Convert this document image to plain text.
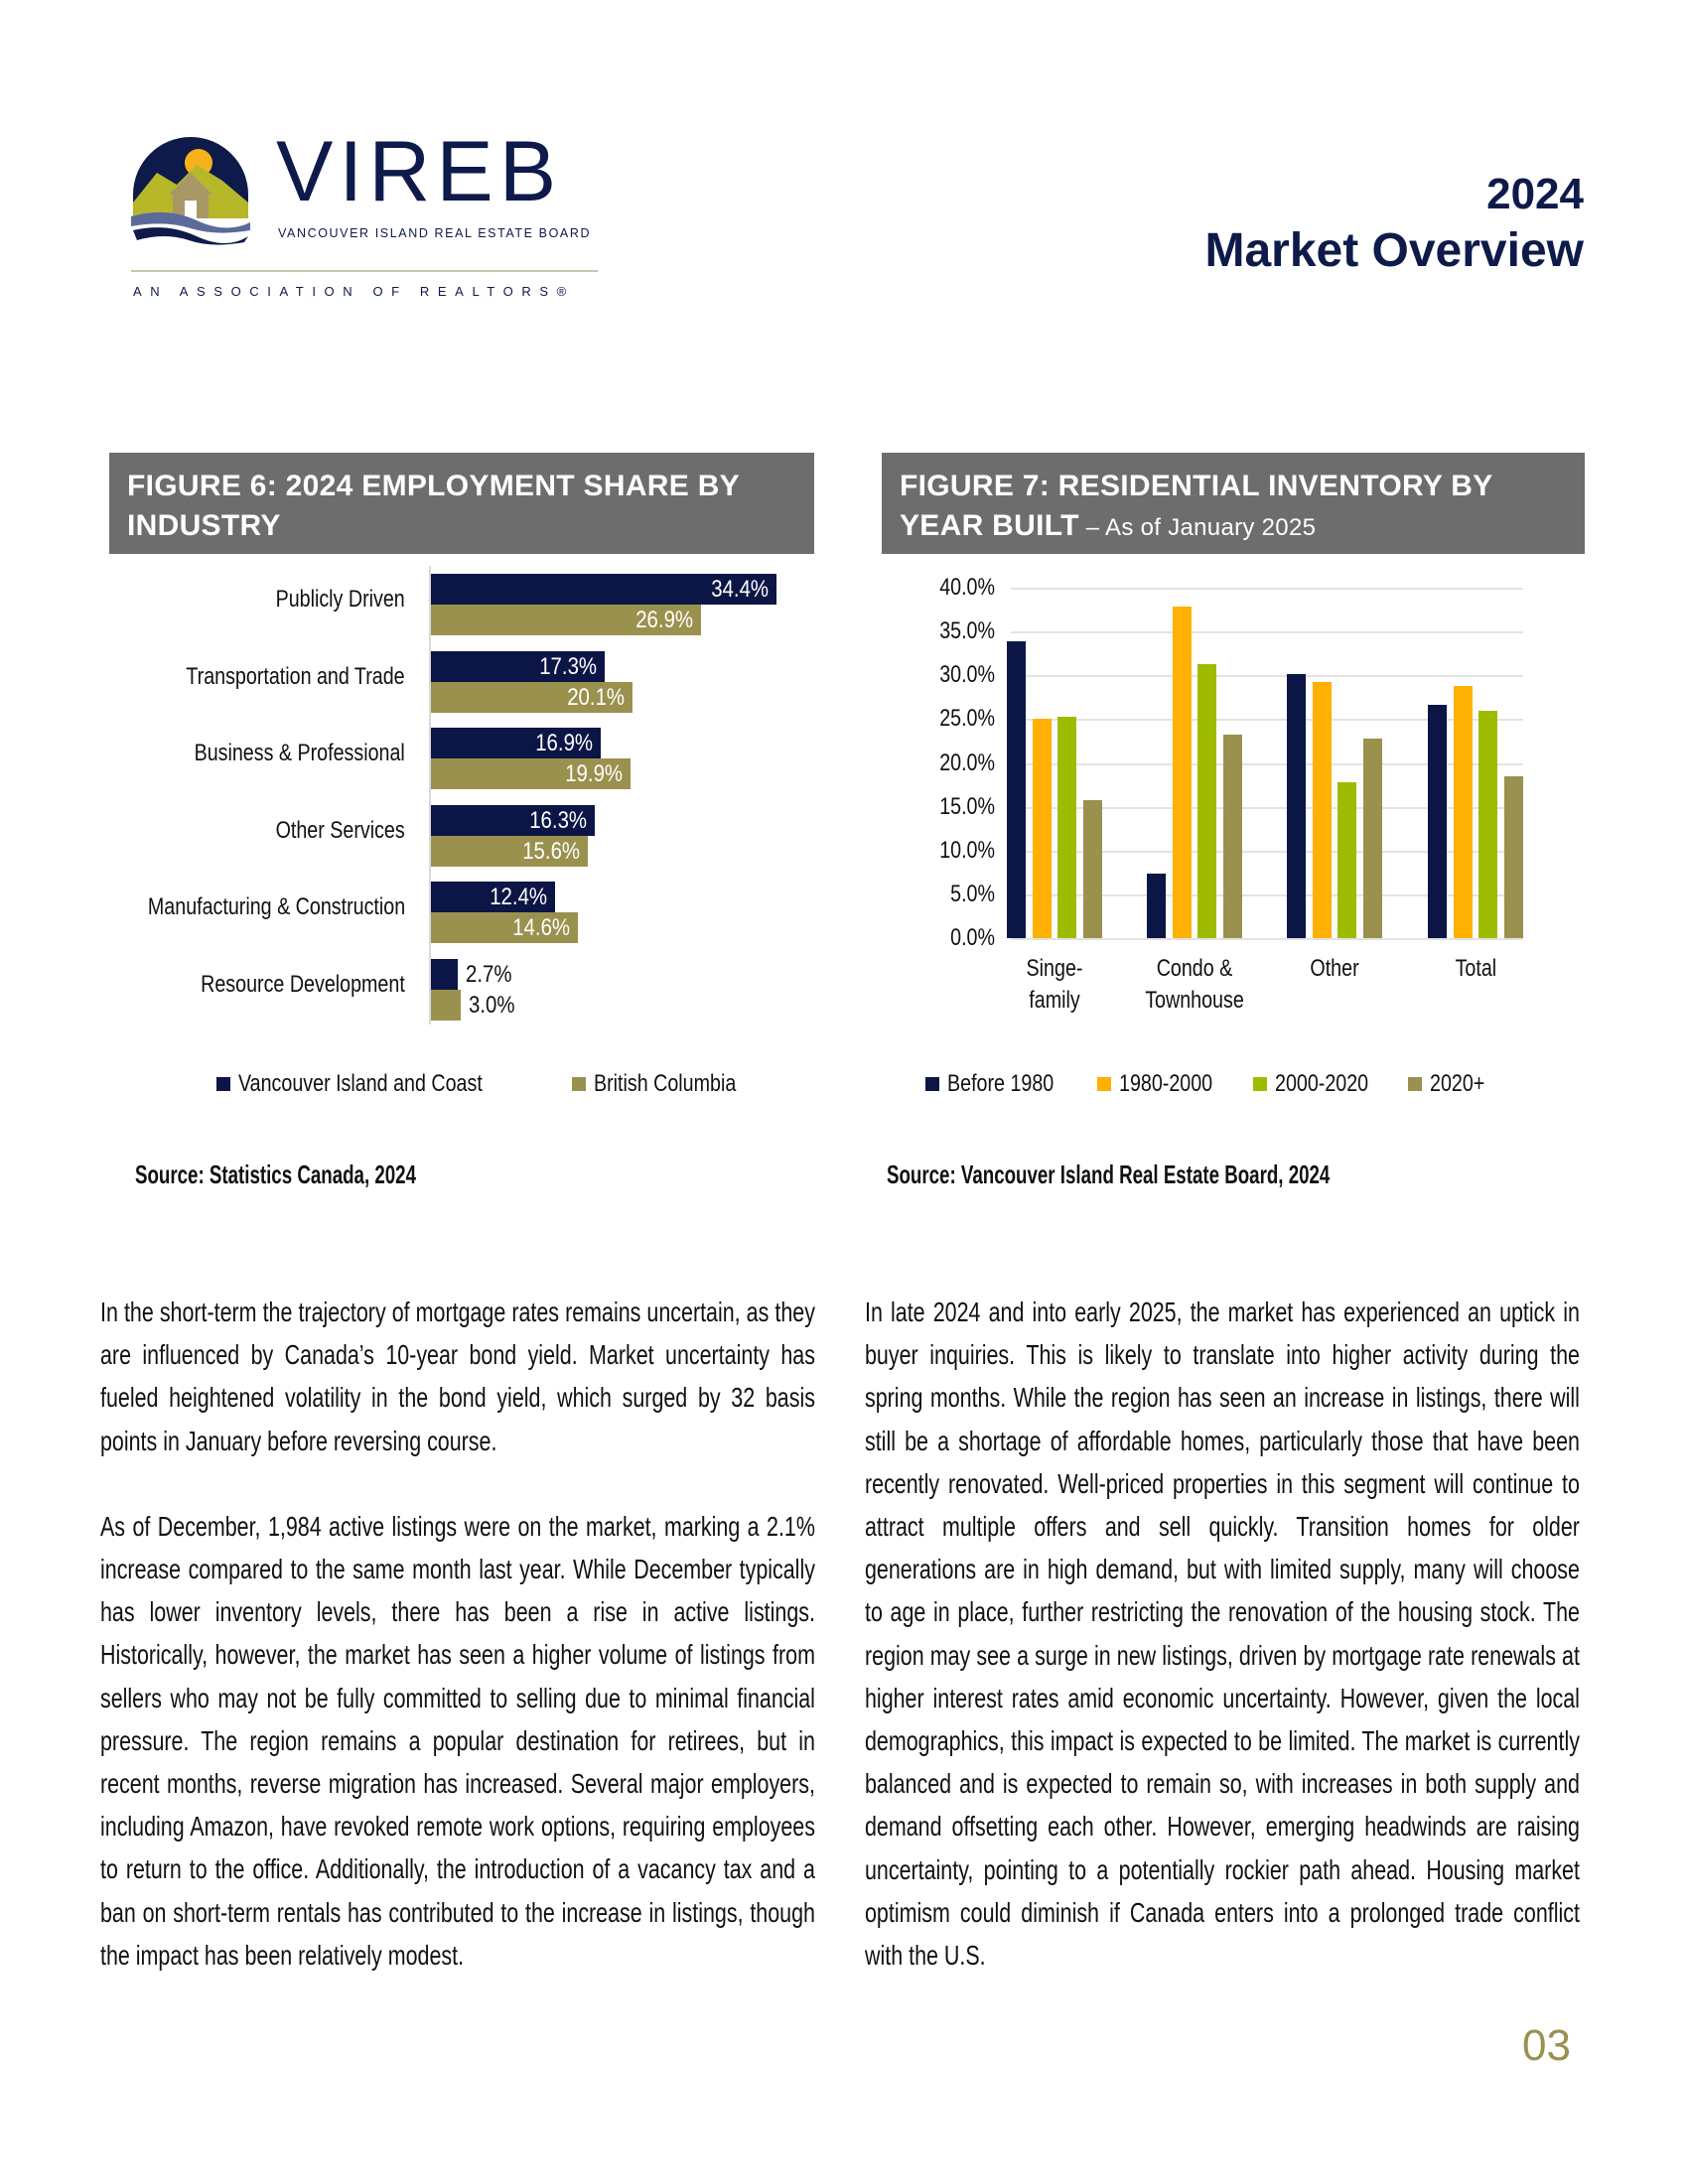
VIREB
VANCOUVER ISLAND REAL ESTATE BOARD
AN ASSOCIATION OF REALTORS®
2024
Market Overview
FIGURE 6: 2024 EMPLOYMENT SHARE BY INDUSTRY
FIGURE 7: RESIDENTIAL INVENTORY BY YEAR BUILT – As of January 2025
Publicly Driven	34.4%
26.9%
Transportation and Trade	17.3%
20.1%
Business & Professional	16.9%
19.9%
Other Services	16.3%
15.6%
Manufacturing & Construction	12.4%
14.6%
Resource Development	2.7%
3.0%
Vancouver Island and Coast	British Columbia
40.0%
35.0%
30.0%
25.0%
20.0%
15.0%
10.0%
5.0%
0.0%
Singe-family
Condo & Townhouse
Other	Total
Before 1980	1980-2000	2000-2020	2020+
Source: Statistics Canada, 2024	Source: Vancouver Island Real Estate Board, 2024

In the short-term the trajectory of mortgage rates remains uncertain, as they are influenced by Canada’s 10-year bond yield. Market uncertainty has fueled heightened volatility in the bond yield, which surged by 32 basis points in January before reversing course.

As of December, 1,984 active listings were on the market, marking a 2.1% increase compared to the same month last year. While December typically has lower inventory levels, there has been a rise in active listings. Historically, however, the market has seen a higher volume of listings from sellers who may not be fully committed to selling due to minimal financial pressure. The region remains a popular destination for retirees, but in recent months, reverse migration has increased. Several major employers, including Amazon, have revoked remote work options, requiring employees to return to the office. Additionally, the introduction of a vacancy tax and a ban on short-term rentals has contributed to the increase in listings, though the impact has been relatively modest.

In late 2024 and into early 2025, the market has experienced an uptick in buyer inquiries. This is likely to translate into higher activity during the spring months. While the region has seen an increase in listings, there will still be a shortage of affordable homes, particularly those that have been recently renovated. Well-priced properties in this segment will continue to attract multiple offers and sell quickly. Transition homes for older generations are in high demand, but with limited supply, many will choose to age in place, further restricting the renovation of the housing stock. The region may see a surge in new listings, driven by mortgage rate renewals at higher interest rates amid economic uncertainty. However, given the local demographics, this impact is expected to be limited. The market is currently balanced and is expected to remain so, with increases in both supply and demand offsetting each other. However, emerging headwinds are raising uncertainty, pointing to a potentially rockier path ahead. Housing market optimism could diminish if Canada enters into a prolonged trade conflict with the U.S.

03
